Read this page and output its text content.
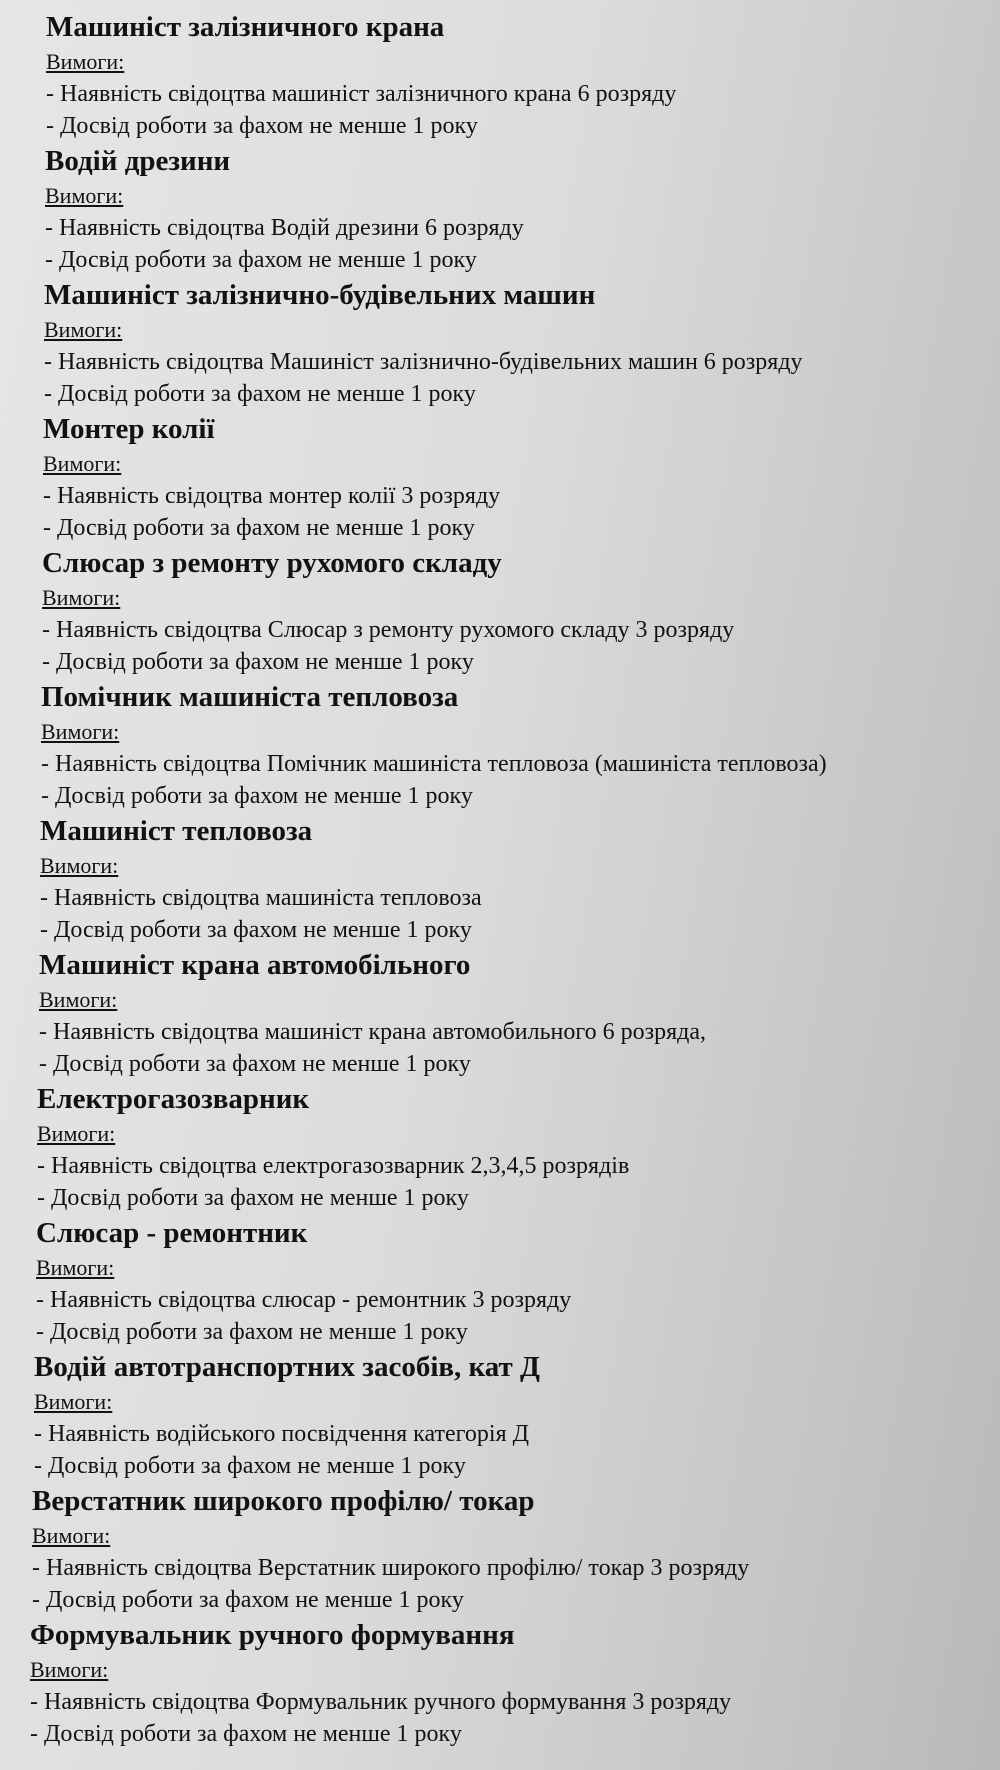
Машиніст залізничного крана
Вимоги:
- Наявність свідоцтва машиніст залізничного крана 6 розряду
- Досвід роботи за фахом не менше 1 року
Водій дрезини
Вимоги:
- Наявність свідоцтва Водій дрезини 6 розряду
- Досвід роботи за фахом не менше 1 року
Машиніст залізнично-будівельних машин
Вимоги:
- Наявність свідоцтва Машиніст залізнично-будівельних машин 6 розряду
- Досвід роботи за фахом не менше 1 року
Монтер колії
Вимоги:
- Наявність свідоцтва монтер колії 3 розряду
- Досвід роботи за фахом не менше 1 року
Слюсар з ремонту рухомого складу
Вимоги:
- Наявність свідоцтва Слюсар з ремонту рухомого складу 3 розряду
- Досвід роботи за фахом не менше 1 року
Помічник машиніста тепловоза
Вимоги:
- Наявність свідоцтва Помічник машиніста тепловоза (машиніста тепловоза)
- Досвід роботи за фахом не менше 1 року
Машиніст тепловоза
Вимоги:
- Наявність свідоцтва машиніста тепловоза
- Досвід роботи за фахом не менше 1 року
Машиніст крана автомобільного
Вимоги:
- Наявність свідоцтва машиніст крана автомобильного 6 розряда,
- Досвід роботи за фахом не менше 1 року
Електрогазозварник
Вимоги:
- Наявність свідоцтва електрогазозварник 2,3,4,5 розрядів
- Досвід роботи за фахом не менше 1 року
Слюсар - ремонтник
Вимоги:
- Наявність свідоцтва слюсар - ремонтник 3 розряду
- Досвід роботи за фахом не менше 1 року
Водій автотранспортних засобів, кат Д
Вимоги:
- Наявність водійського посвідчення категорія Д
- Досвід роботи за фахом не менше 1 року
Верстатник широкого профілю/ токар
Вимоги:
- Наявність свідоцтва Верстатник широкого профілю/ токар 3 розряду
- Досвід роботи за фахом не менше 1 року
Формувальник ручного формування
Вимоги:
- Наявність свідоцтва Формувальник ручного формування 3 розряду
- Досвід роботи за фахом не менше 1 року
